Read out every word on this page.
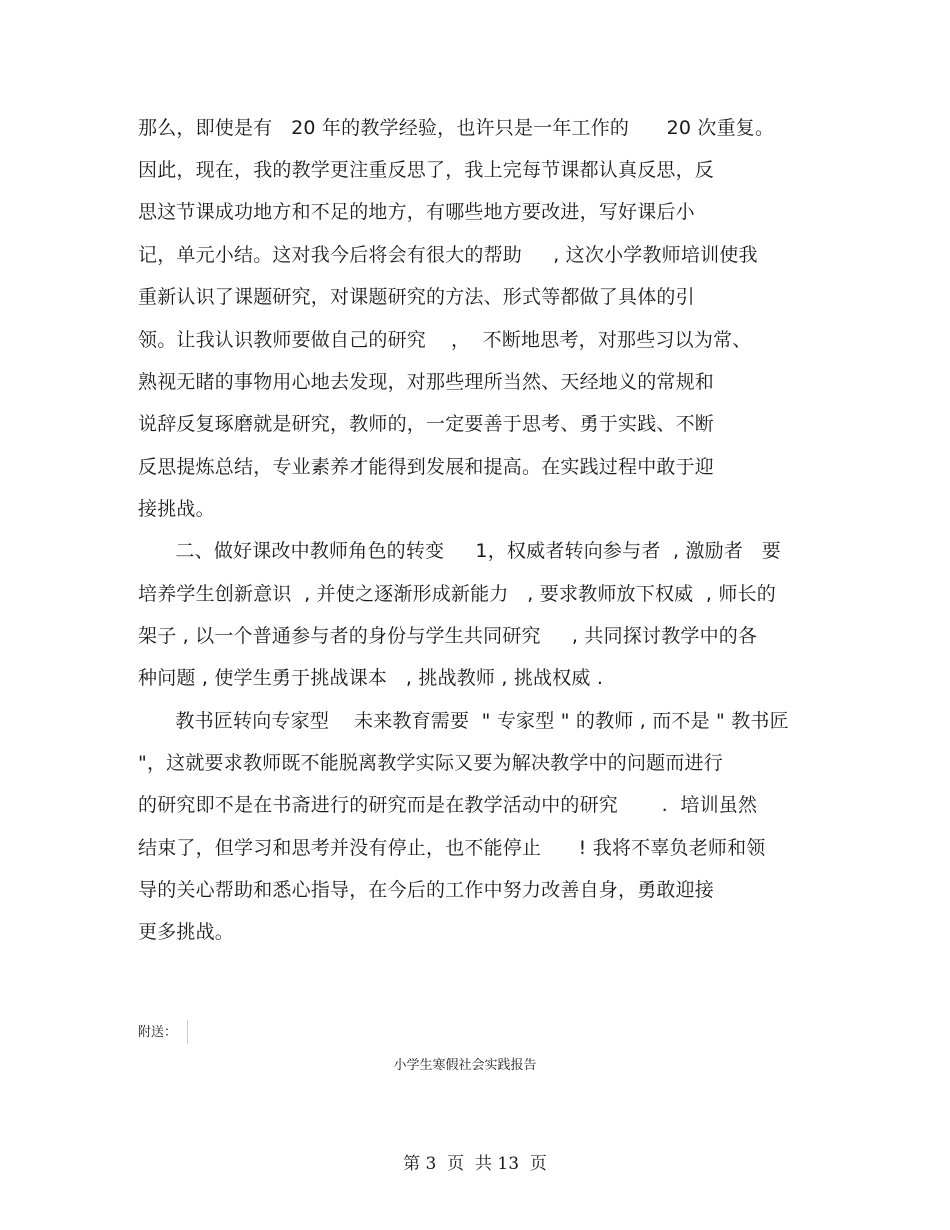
那么，即使是有   20 年的教学经验，也许只是一年工作的      20 次重复。
因此，现在，我的教学更注重反思了，我上完每节课都认真反思，反
思这节课成功地方和不足的地方，有哪些地方要改进，写好课后小
记，单元小结。这对我今后将会有很大的帮助     , 这次小学教师培训使我
重新认识了课题研究，对课题研究的方法、形式等都做了具体的引
领。让我认识教师要做自己的研究    ，  不断地思考，对那些习以为常、
熟视无睹的事物用心地去发现，对那些理所当然、天经地义的常规和
说辞反复琢磨就是研究，教师的，一定要善于思考、勇于实践、不断
反思提炼总结，专业素养才能得到发展和提高。在实践过程中敢于迎
接挑战。
二、做好课改中教师角色的转变     1，权威者转向参与者  , 激励者   要
培养学生创新意识  , 并使之逐渐形成新能力   , 要求教师放下权威  , 师长的
架子 , 以一个普通参与者的身份与学生共同研究     , 共同探讨教学中的各
种问题 , 使学生勇于挑战课本   , 挑战教师 , 挑战权威 .
教书匠转向专家型    未来教育需要  " 专家型 " 的教师 , 而不是 " 教书匠
"，这就要求教师既不能脱离教学实际又要为解决教学中的问题而进行
的研究即不是在书斋进行的研究而是在教学活动中的研究       .  培训虽然
结束了，但学习和思考并没有停止，也不能停止      ! 我将不辜负老师和领
导的关心帮助和悉心指导，在今后的工作中努力改善自身，勇敢迎接
更多挑战。
附送：
小学生寒假社会实践报告
第 3  页  共 13  页
